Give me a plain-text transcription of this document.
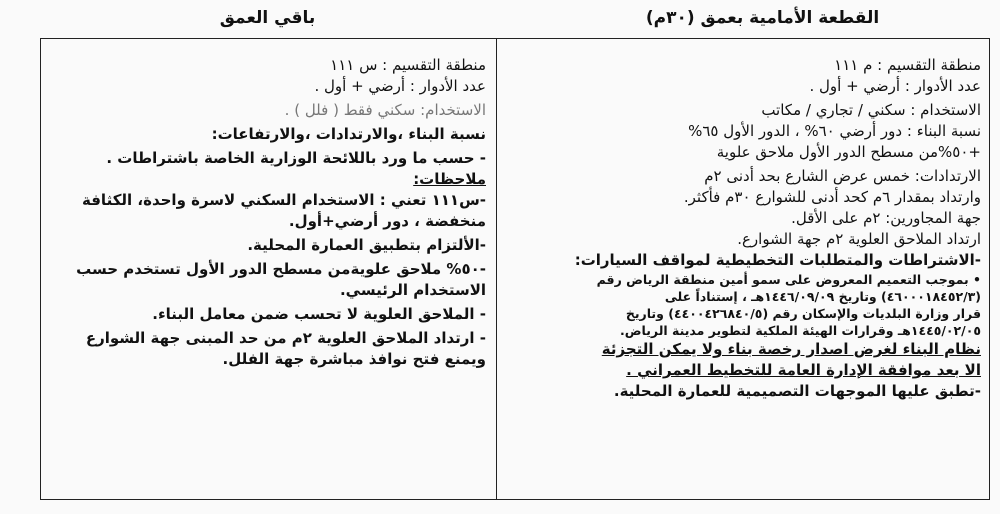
القطعة الأمامية بعمق (٣٠م)
باقي العمق
منطقة التقسيم : م ١١١
عدد الأدوار : أرضي + أول .
الاستخدام : سكني / تجاري / مكاتب
نسبة البناء : دور أرضي ٦٠% ، الدور الأول ٦٥%
+٥٠%من مسطح الدور الأول ملاحق علوية
الارتدادات: خمس عرض الشارع بحد أدنى ٢م
وارتداد بمقدار ٦م كحد أدنى للشوارع ٣٠م فأكثر.
جهة المجاورين: ٢م على الأقل.
ارتداد الملاحق العلوية ٢م جهة الشوارع.
-الاشتراطات والمتطلبات التخطيطية لمواقف السيارات:
• بموجب التعميم المعروض على سمو أمين منطقة الرياض رقم
(٤٦٠٠٠١٨٤٥٢/٣) وتاريخ ١٤٤٦/٠٩/٠٩هـ ، إستناداً على
قرار وزارة البلديات والإسكان رقم (٤٤٠٠٤٢٦٨٤٠/٥) وتاريخ
١٤٤٥/٠٢/٠٥هـ وقرارات الهيئة الملكية لتطوير مدينة الرياض.
نظام البناء لغرض اصدار رخصة بناء ولا يمكن التجزئة
الا بعد موافقة الإدارة العامة للتخطيط العمراني .
-تطبق عليها الموجهات التصميمية للعمارة المحلية.
منطقة التقسيم : س ١١١
عدد الأدوار : أرضي + أول .
الاستخدام: سكني فقط ( فلل ) .
نسبة البناء ،والارتدادات ،والارتفاعات:
- حسب ما ورد باللائحة الوزارية الخاصة باشتراطات .
ملاحظات:
-س١١١ تعني : الاستخدام السكني لاسرة واحدة، الكثافة
منخفضة ، دور أرضي+أول.
-الألتزام بتطبيق العمارة المحلية.
-٥٠% ملاحق علويةمن مسطح الدور الأول تستخدم حسب
الاستخدام الرئيسي.
- الملاحق العلوية لا تحسب ضمن معامل البناء.
- ارتداد الملاحق العلوية ٢م من حد المبنى جهة الشوارع
ويمنع فتح نوافذ مباشرة جهة الفلل.
